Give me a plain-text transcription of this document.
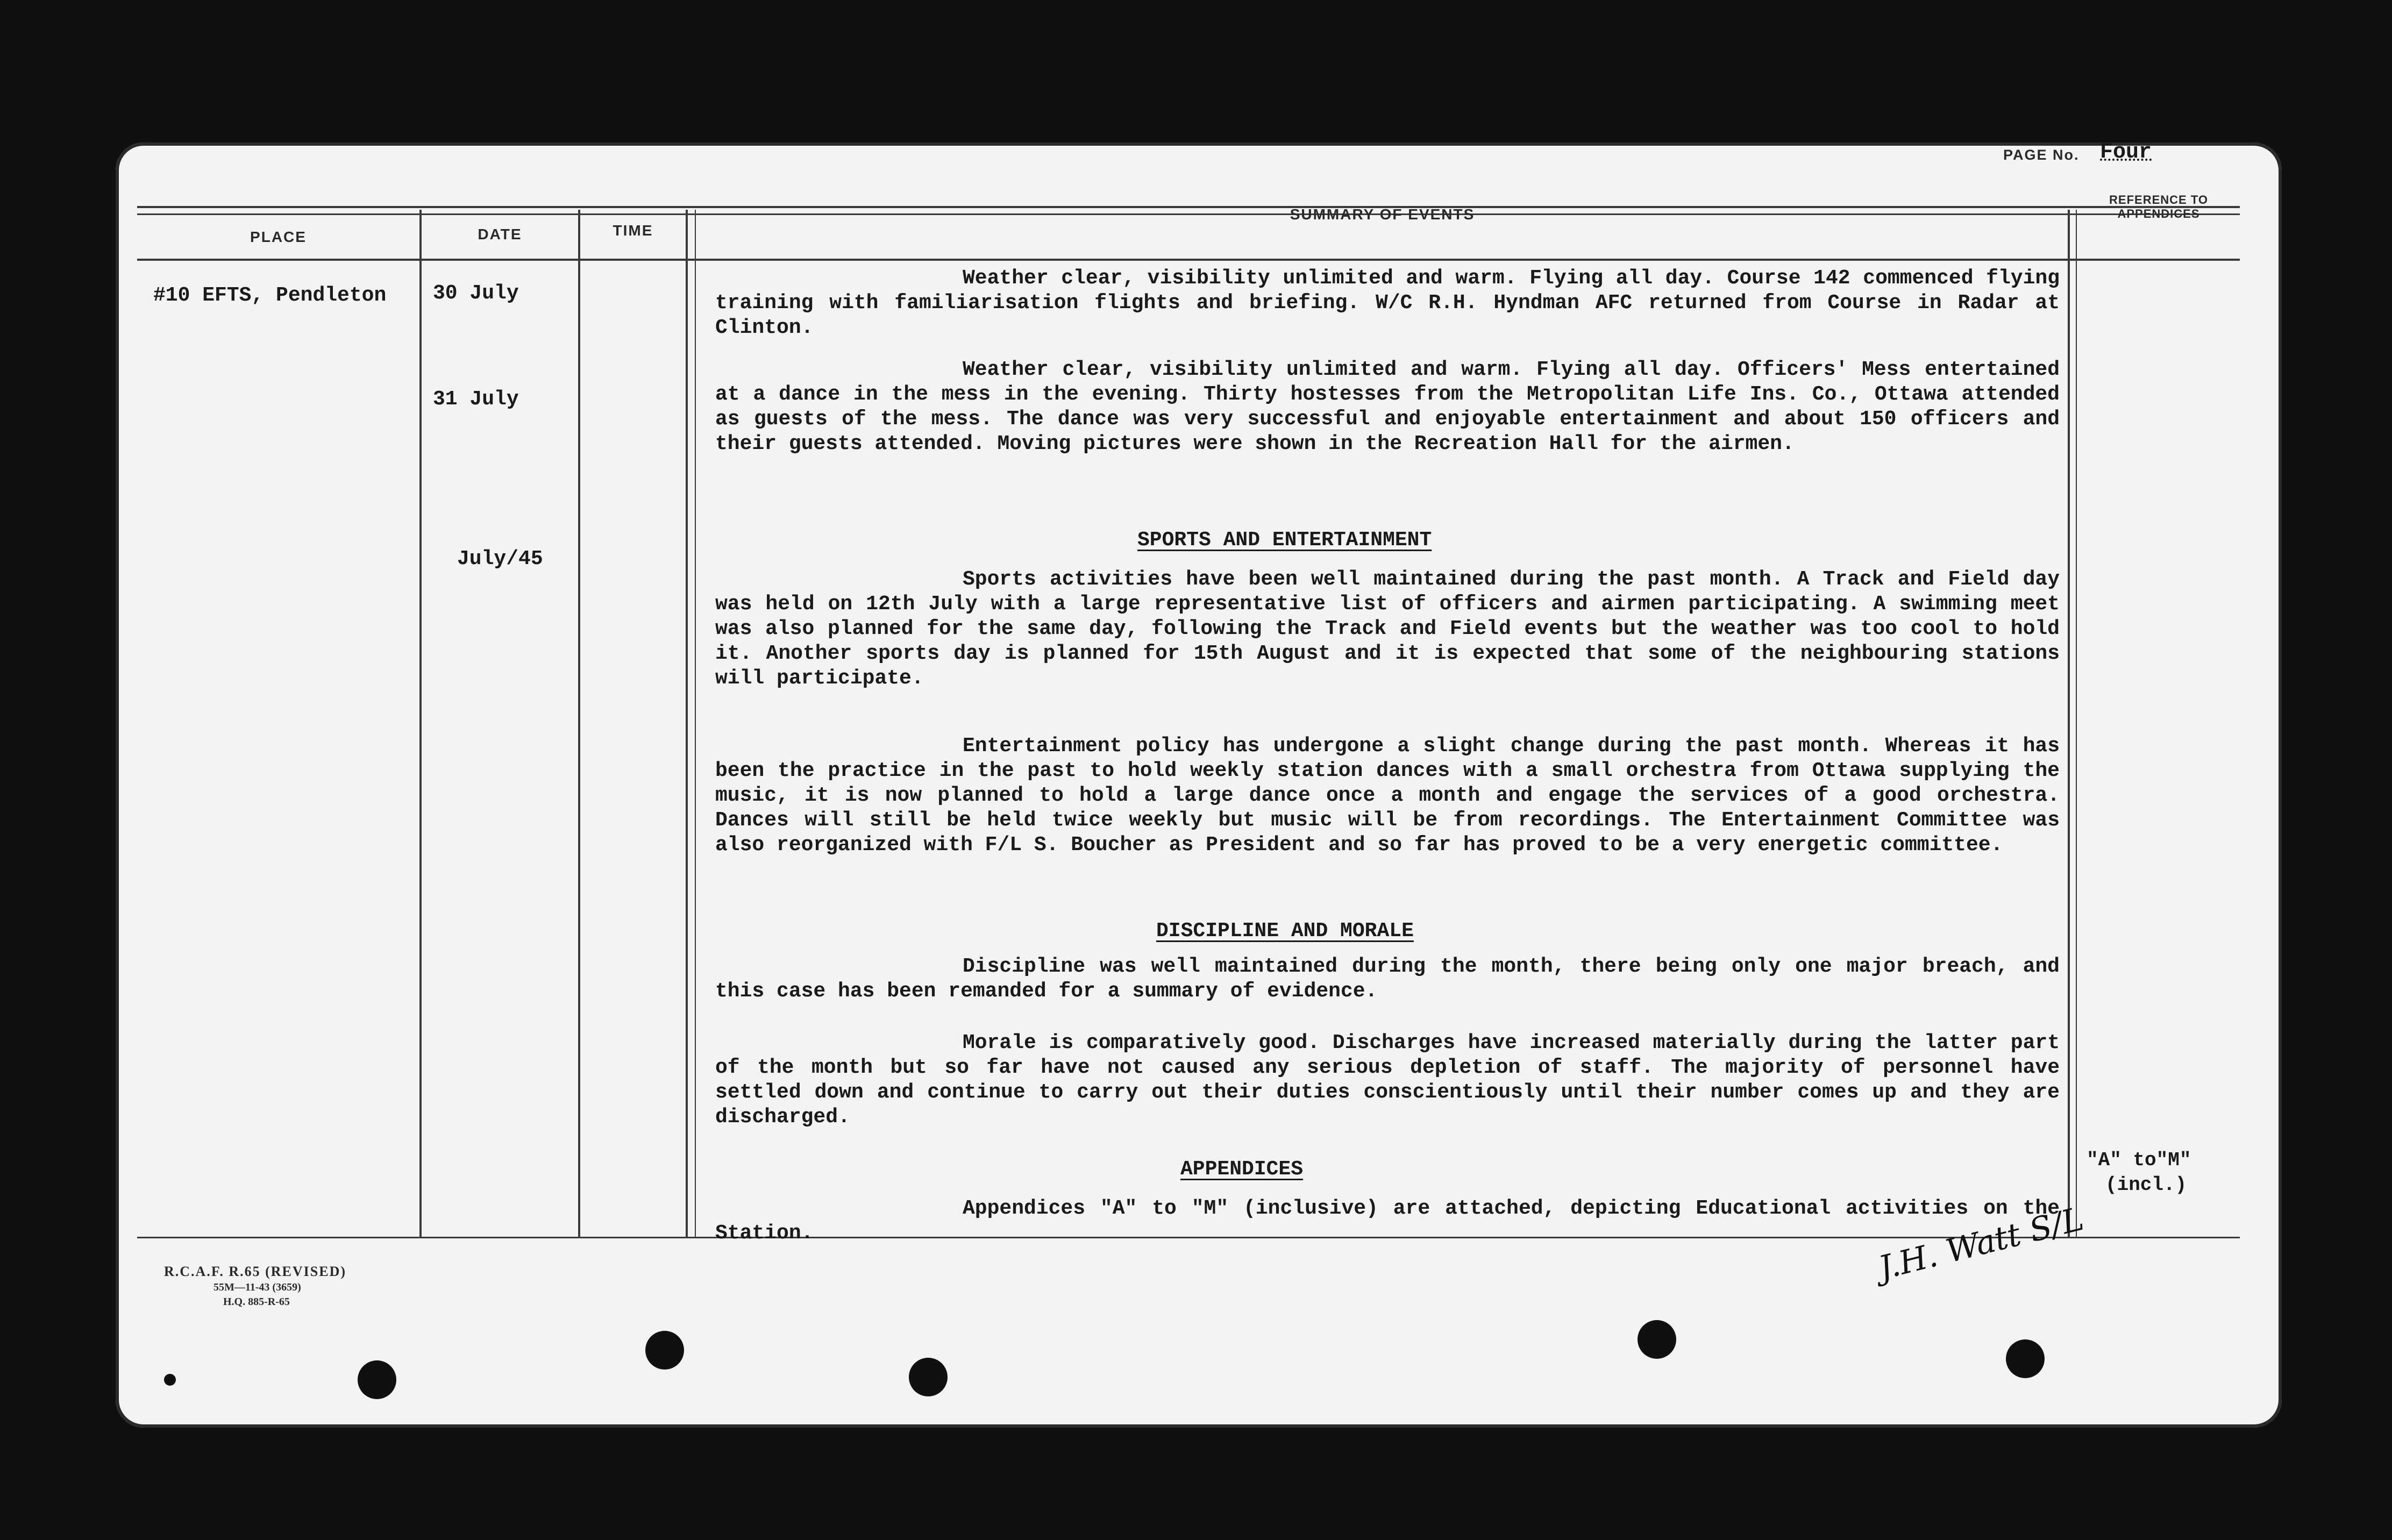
PAGE No. Four
PLACE	DATE	TIME
SUMMARY OF EVENTS
REFERENCE TO
APPENDICES
#10 EFTS, Pendleton 30 July
31 July
July/45

Weather clear, visibility unlimited and warm. Flying all day. Course 142 commenced flying training with familiarisation flights and briefing. W/C R.H. Hyndman AFC returned from Course in Radar at Clinton.

Weather clear, visibility unlimited and warm. Flying all day. Officers' Mess entertained at a dance in the mess in the evening. Thirty hostesses from the Metropolitan Life Ins. Co., Ottawa attended as guests of the mess. The dance was very successful and enjoyable entertainment and about 150 officers and their guests attended. Moving pictures were shown in the Recreation Hall for the airmen.

SPORTS AND ENTERTAINMENT

Sports activities have been well maintained during the past month. A Track and Field day was held on 12th July with a large representative list of officers and airmen participating. A swimming meet was also planned for the same day, following the Track and Field events but the weather was too cool to hold it. Another sports day is planned for 15th August and it is expected that some of the neighbouring stations will participate.

Entertainment policy has undergone a slight change during the past month. Whereas it has been the practice in the past to hold weekly station dances with a small orchestra from Ottawa supplying the music, it is now planned to hold a large dance once a month and engage the services of a good orchestra. Dances will still be held twice weekly but music will be from recordings. The Entertainment Committee was also reorganized with F/L S. Boucher as President and so far has proved to be a very energetic committee.

DISCIPLINE AND MORALE

Discipline was well maintained during the month, there being only one major breach, and this case has been remanded for a summary of evidence.

Morale is comparatively good. Discharges have increased materially during the latter part of the month but so far have not caused any serious depletion of staff. The majority of personnel have settled down and continue to carry out their duties conscientiously until their number comes up and they are discharged.

APPENDICES

Appendices "A" to "M" (inclusive) are attached, depicting Educational activities on the Station.

"A" to"M"
(incl.)
R.C.A.F. R.65 (REVISED)
55M—11-43 (3659)
H.Q. 885-R-65
J.H. Watt S/L
